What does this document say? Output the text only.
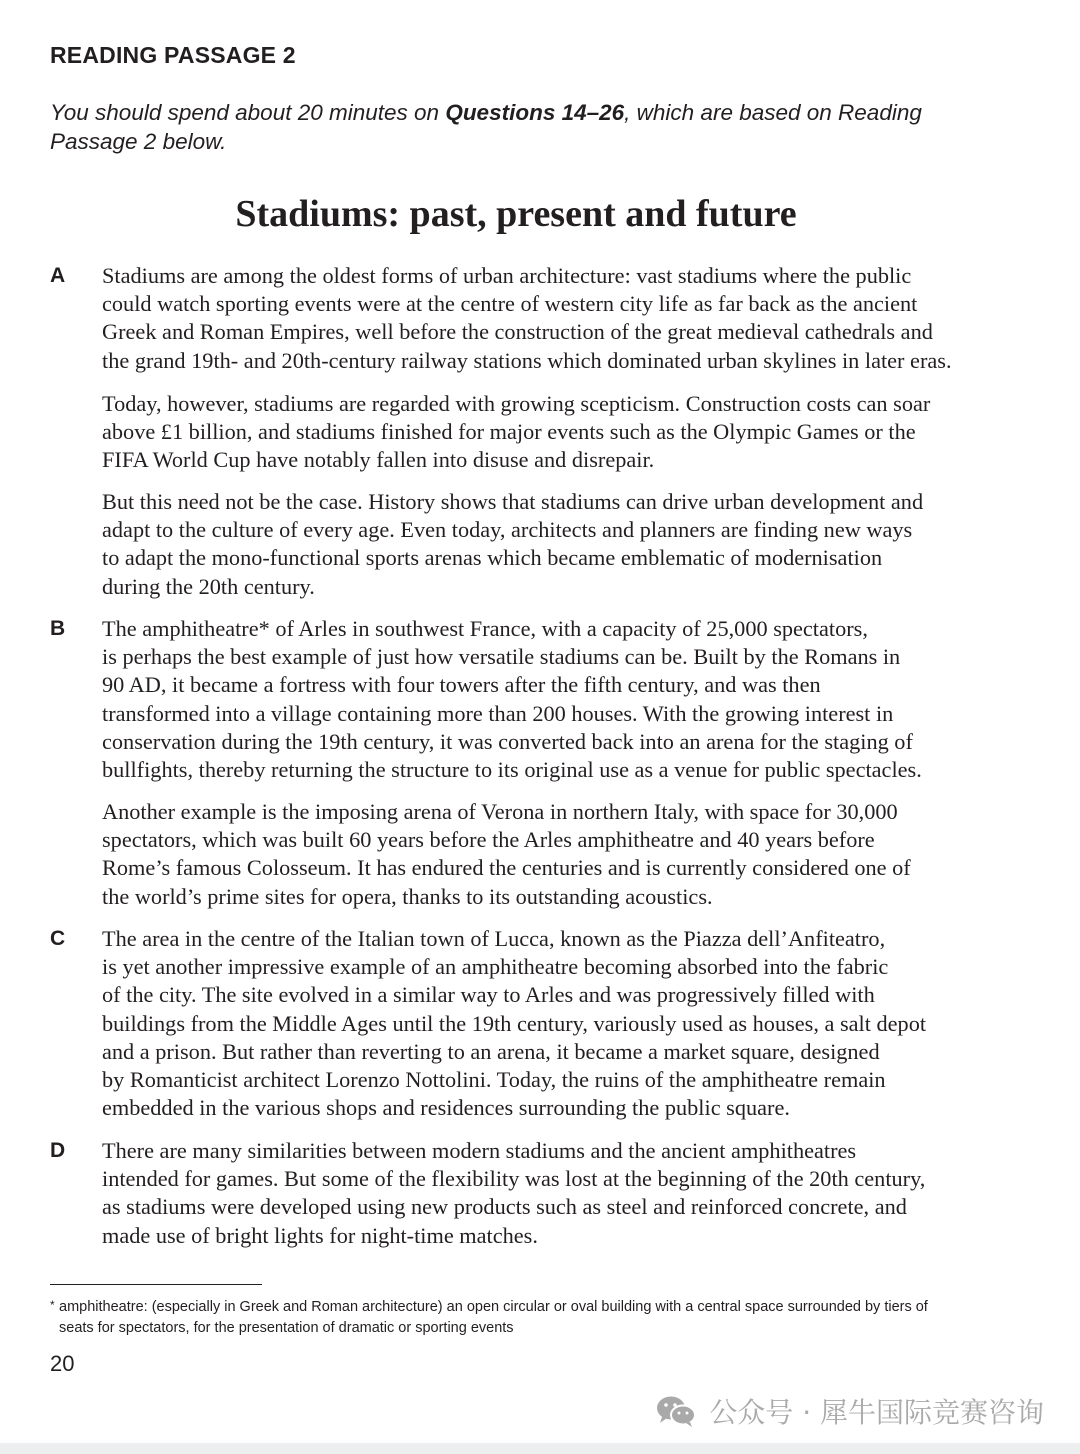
READING PASSAGE 2

You should spend about 20 minutes on Questions 14–26, which are based on Reading
Passage 2 below.

Stadiums: past, present and future
A Stadiums are among the oldest forms of urban architecture: vast stadiums where the public
could watch sporting events were at the centre of western city life as far back as the ancient
Greek and Roman Empires, well before the construction of the great medieval cathedrals and
the grand 19th- and 20th-century railway stations which dominated urban skylines in later eras.

Today, however, stadiums are regarded with growing scepticism. Construction costs can soar
above £1 billion, and stadiums finished for major events such as the Olympic Games or the
FIFA World Cup have notably fallen into disuse and disrepair.

But this need not be the case. History shows that stadiums can drive urban development and
adapt to the culture of every age. Even today, architects and planners are finding new ways
to adapt the mono-functional sports arenas which became emblematic of modernisation
during the 20th century.

B The amphitheatre* of Arles in southwest France, with a capacity of 25,000 spectators,
is perhaps the best example of just how versatile stadiums can be. Built by the Romans in
90 AD, it became a fortress with four towers after the fifth century, and was then
transformed into a village containing more than 200 houses. With the growing interest in
conservation during the 19th century, it was converted back into an arena for the staging of
bullfights, thereby returning the structure to its original use as a venue for public spectacles.

Another example is the imposing arena of Verona in northern Italy, with space for 30,000
spectators, which was built 60 years before the Arles amphitheatre and 40 years before
Rome’s famous Colosseum. It has endured the centuries and is currently considered one of
the world’s prime sites for opera, thanks to its outstanding acoustics.

C The area in the centre of the Italian town of Lucca, known as the Piazza dell’Anfiteatro,
is yet another impressive example of an amphitheatre becoming absorbed into the fabric
of the city. The site evolved in a similar way to Arles and was progressively filled with
buildings from the Middle Ages until the 19th century, variously used as houses, a salt depot
and a prison. But rather than reverting to an arena, it became a market square, designed
by Romanticist architect Lorenzo Nottolini. Today, the ruins of the amphitheatre remain
embedded in the various shops and residences surrounding the public square.

D There are many similarities between modern stadiums and the ancient amphitheatres
intended for games. But some of the flexibility was lost at the beginning of the 20th century,
as stadiums were developed using new products such as steel and reinforced concrete, and
made use of bright lights for night-time matches.

* amphitheatre: (especially in Greek and Roman architecture) an open circular or oval building with a central space surrounded by tiers of
seats for spectators, for the presentation of dramatic or sporting events
20
公众号 · 犀牛国际竞赛咨询
